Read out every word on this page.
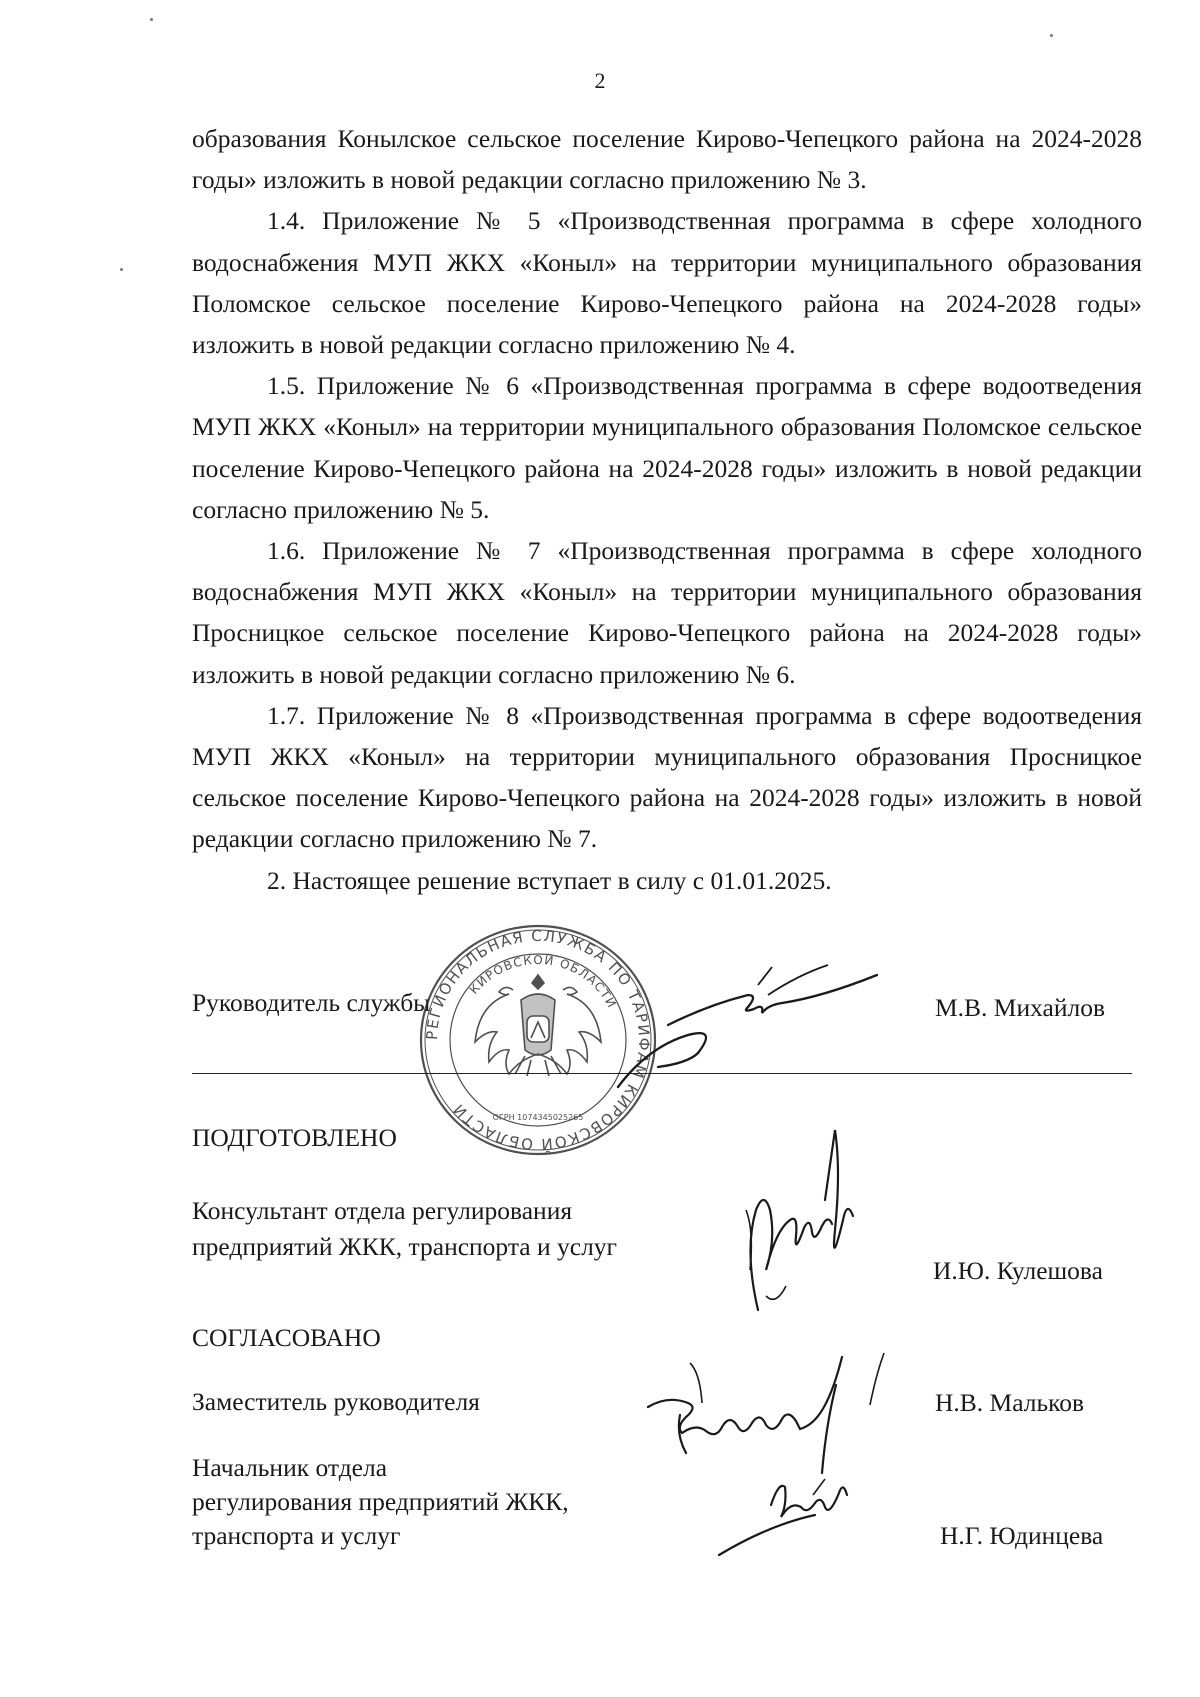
2

образования Конылское сельское поселение Кирово-Чепецкого района на 2024-2028 годы» изложить в новой редакции согласно приложению № 3.

1.4. Приложение № 5 «Производственная программа в сфере холодного водоснабжения МУП ЖКХ «Коныл» на территории муниципального образования Поломское сельское поселение Кирово-Чепецкого района на 2024-2028 годы» изложить в новой редакции согласно приложению № 4.

1.5. Приложение № 6 «Производственная программа в сфере водоотведения МУП ЖКХ «Коныл» на территории муниципального образования Поломское сельское поселение Кирово-Чепецкого района на 2024-2028 годы» изложить в новой редакции согласно приложению № 5.

1.6. Приложение № 7 «Производственная программа в сфере холодного водоснабжения МУП ЖКХ «Коныл» на территории муниципального образования Просницкое сельское поселение Кирово-Чепецкого района на 2024-2028 годы» изложить в новой редакции согласно приложению № 6.

1.7. Приложение № 8 «Производственная программа в сфере водоотведения МУП ЖКХ «Коныл» на территории муниципального образования Просницкое сельское поселение Кирово-Чепецкого района на 2024-2028 годы» изложить в новой редакции согласно приложению № 7.

2. Настоящее решение вступает в силу с 01.01.2025.

Руководитель службы	М.В. Михайлов
РЕГИОНАЛЬНАЯ СЛУЖБА ПО ТАРИФАМ КИРОВСКОЙ ОБЛАСТИ
КИРОВСКОЙ ОБЛАСТИ
ОГРН 1074345025265
ПОДГОТОВЛЕНО
Консультант отдела регулирования
предприятий ЖКК, транспорта и услуг
И.Ю. Кулешова
СОГЛАСОВАНО
Заместитель руководителя	Н.В. Мальков
Начальник отдела
регулирования предприятий ЖКК,
транспорта и услуг	Н.Г. Юдинцева
